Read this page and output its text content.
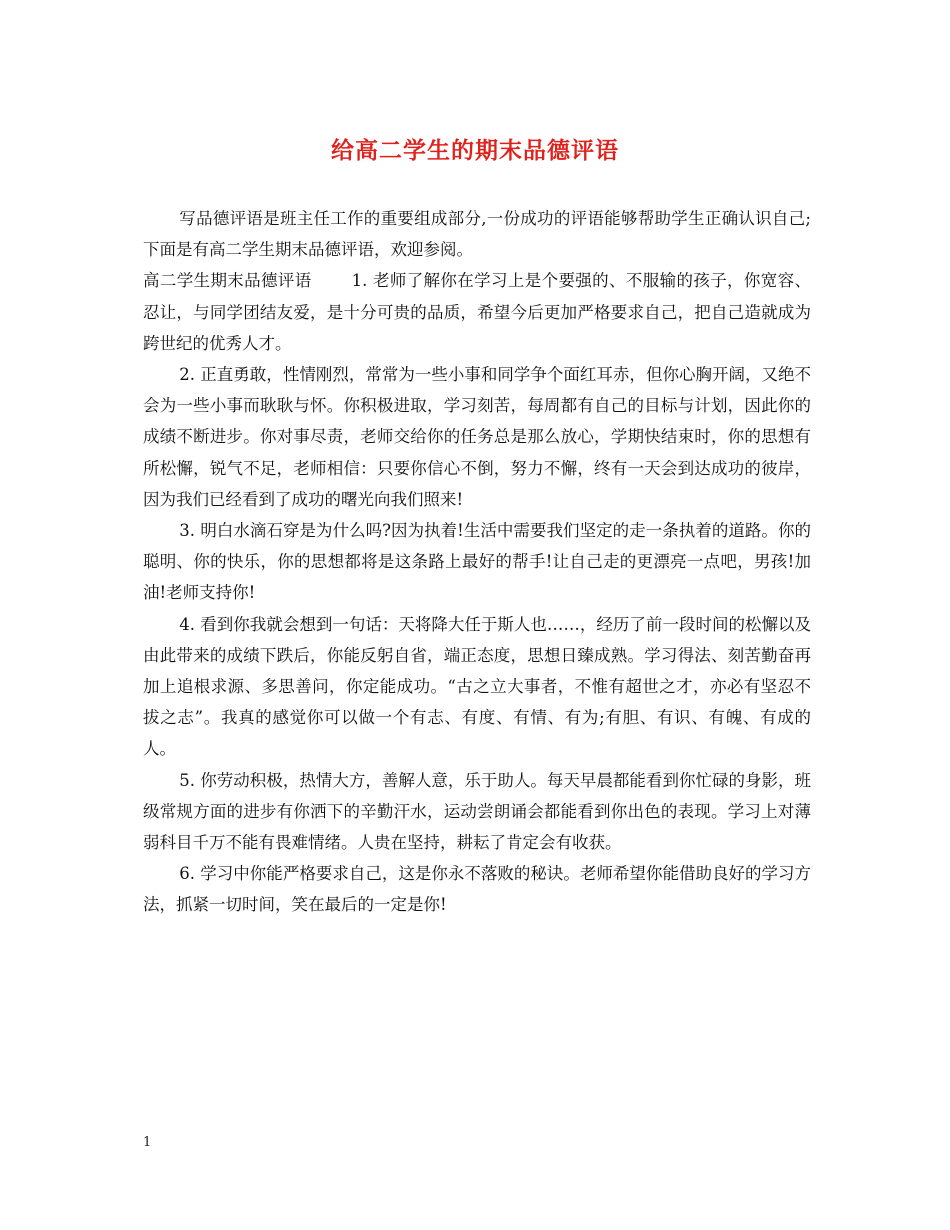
给高二学生的期末品德评语

写品德评语是班主任工作的重要组成部分,一份成功的评语能够帮助学生正确认识自己;下面是有高二学生期末品德评语，欢迎参阅。

高二学生期末品德评语 1. 老师了解你在学习上是个要强的、不服输的孩子，你宽容、忍让，与同学团结友爱，是十分可贵的品质，希望今后更加严格要求自己，把自己造就成为跨世纪的优秀人才。

2. 正直勇敢，性情刚烈，常常为一些小事和同学争个面红耳赤，但你心胸开阔，又绝不会为一些小事而耿耿与怀。你积极进取，学习刻苦，每周都有自己的目标与计划，因此你的成绩不断进步。你对事尽责，老师交给你的任务总是那么放心，学期快结束时，你的思想有所松懈，锐气不足，老师相信：只要你信心不倒，努力不懈，终有一天会到达成功的彼岸，因为我们已经看到了成功的曙光向我们照来!

3. 明白水滴石穿是为什么吗?因为执着!生活中需要我们坚定的走一条执着的道路。你的聪明、你的快乐，你的思想都将是这条路上最好的帮手!让自己走的更漂亮一点吧，男孩!加油!老师支持你!

4. 看到你我就会想到一句话：天将降大任于斯人也……，经历了前一段时间的松懈以及由此带来的成绩下跌后，你能反躬自省，端正态度，思想日臻成熟。学习得法、刻苦勤奋再加上追根求源、多思善问，你定能成功。“古之立大事者，不惟有超世之才，亦必有坚忍不拔之志”。我真的感觉你可以做一个有志、有度、有情、有为;有胆、有识、有魄、有成的人。

5. 你劳动积极，热情大方，善解人意，乐于助人。每天早晨都能看到你忙碌的身影，班级常规方面的进步有你洒下的辛勤汗水，运动尝朗诵会都能看到你出色的表现。学习上对薄弱科目千万不能有畏难情绪。人贵在坚持，耕耘了肯定会有收获。

6. 学习中你能严格要求自己，这是你永不落败的秘诀。老师希望你能借助良好的学习方法，抓紧一切时间，笑在最后的一定是你!

1
